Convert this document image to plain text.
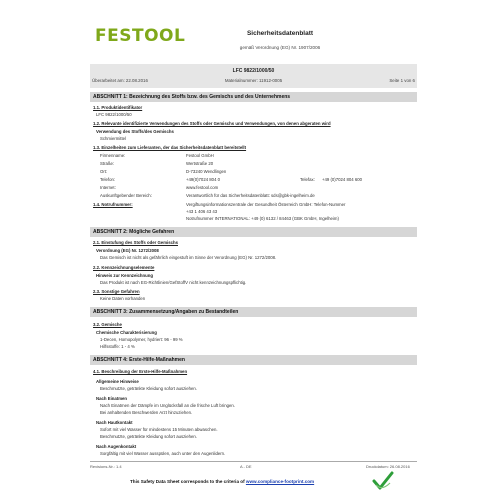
FESTOOL	Sicherheitsdatenblatt
gemäß Verordnung (EG) Nr. 1907/2006
LFC 9822/1000/50
Überarbeitet am: 22.08.2016	Materialnummer: 11912-0005	Seite 1 von 6
ABSCHNITT 1: Bezeichnung des Stoffs bzw. des Gemischs und des Unternehmens
1.1. Produktidentifikator
LFC 9822/1000/50
1.2. Relevante identifizierte Verwendungen des Stoffs oder Gemischs und Verwendungen, von denen abgeraten wird
Verwendung des Stoffs/des Gemischs
Schmiermittel
1.3. Einzelheiten zum Lieferanten, der das Sicherheitsdatenblatt bereitstellt
Firmenname:	Festool GmbH
Straße:	Wertstraße 20
Ort:	D-73240 Wendlingen
Telefon:	+49(0)7024 804 0	Telefax: +49 (0)7024 804 600
Internet:	www.festool.com
Auskunftgebender Bereich:	Verantwortlich für das Sicherheitsdatenblatt: sds@gbk-ingelheim.de
1.4. Notrufnummer:	Vergiftungsinformationszentrale der Gesundheit Österreich GmbH: Telefon-Nummer
+43 1 406 43 43
Notrufnummer INTERNATIONAL: +49 (0) 6132 / 84463 (GBK GmbH, Ingelheim)
ABSCHNITT 2: Mögliche Gefahren
2.1. Einstufung des Stoffs oder Gemischs
Verordnung (EG) Nr. 1272/2008
Das Gemisch ist nicht als gefährlich eingestuft im Sinne der Verordnung (EG) Nr. 1272/2008.
2.2. Kennzeichnungselemente
Hinweis zur Kennzeichnung
Das Produkt ist nach EG-Richtlinien/GefStoffV nicht kennzeichnungspflichtig.
2.3. Sonstige Gefahren
Keine Daten vorhanden
ABSCHNITT 3: Zusammensetzung/Angaben zu Bestandteilen
3.2. Gemische
Chemische Charakterisierung
1-Decen, Homopolymer, hydriert: 96 - 99 %
Hilfsstoffe: 1 - 4 %
ABSCHNITT 4: Erste-Hilfe-Maßnahmen
4.1. Beschreibung der Erste-Hilfe-Maßnahmen
Allgemeine Hinweise
Beschmutzte, getränkte Kleidung sofort ausziehen.
Nach Einatmen
Nach Einatmen der Dämpfe im Unglücksfall an die frische Luft bringen.
Bei anhaltenden Beschwerden Arzt hinzuziehen.
Nach Hautkontakt
Sofort mit viel Wasser für mindestens 15 Minuten abwaschen.
Beschmutzte, getränkte Kleidung sofort ausziehen.
Nach Augenkontakt
Sorgfältig mit viel Wasser ausspülen, auch unter den Augenlidern.
Revisions-Nr.: 1.4	A - DE	Druckdatum: 26.08.2016
This Safety Data Sheet corresponds to the criteria of www.compliance-footprint.com
